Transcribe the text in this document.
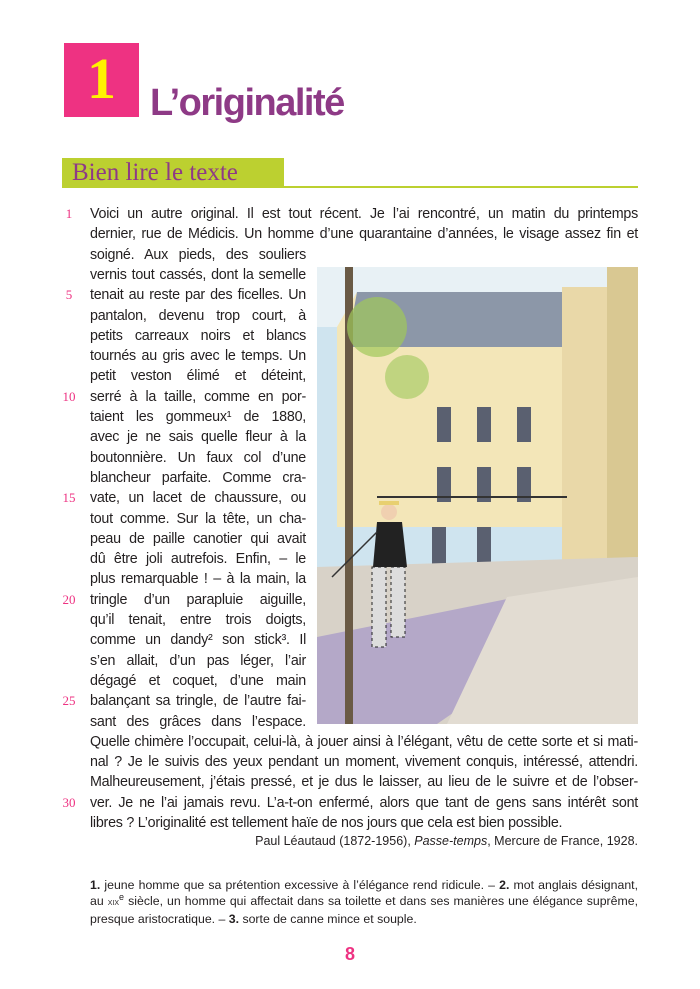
1 L’originalité
Bien lire le texte
Voici un autre original. Il est tout récent. Je l’ai rencontré, un matin du printemps
1
dernier, rue de Médicis. Un homme d’une quarantaine d’années, le visage assez fin et
soigné. Aux pieds, des souliers
vernis tout cassés, dont la semelle
tenait au reste par des ficelles. Un
5
pantalon, devenu trop court, à
petits carreaux noirs et blancs
tournés au gris avec le temps. Un
petit veston élimé et déteint,
serré à la taille, comme en por-
10
taient les gommeux¹ de 1880,
avec je ne sais quelle fleur à la
boutonnière. Un faux col d’une
blancheur parfaite. Comme cra-
vate, un lacet de chaussure, ou
15
tout comme. Sur la tête, un cha-
peau de paille canotier qui avait
dû être joli autrefois. Enfin, – le
plus remarquable ! – à la main, la
tringle d’un parapluie aiguille,
20
qu’il tenait, entre trois doigts,
comme un dandy² son stick³. Il
s’en allait, d’un pas léger, l’air
dégagé et coquet, d’une main
balançant sa tringle, de l’autre fai-
25
sant des grâces dans l’espace.
Quelle chimère l’occupait, celui-là, à jouer ainsi à l’élégant, vêtu de cette sorte et si mati-
nal ? Je le suivis des yeux pendant un moment, vivement conquis, intéressé, attendri.
Malheureusement, j’étais pressé, et je dus le laisser, au lieu de le suivre et de l’obser-
ver. Je ne l’ai jamais revu. L’a-t-on enfermé, alors que tant de gens sans intérêt sont
30
libres ? L’originalité est tellement haïe de nos jours que cela est bien possible.
Paul Léautaud (1872-1956), Passe-temps, Mercure de France, 1928.
1. jeune homme que sa prétention excessive à l’élégance rend ridicule. – 2. mot anglais désignant, au xix$^e$ siècle, un homme qui affectait dans sa toilette et dans ses manières une élégance suprême, presque aristocratique. – 3. sorte de canne mince et souple.
8
